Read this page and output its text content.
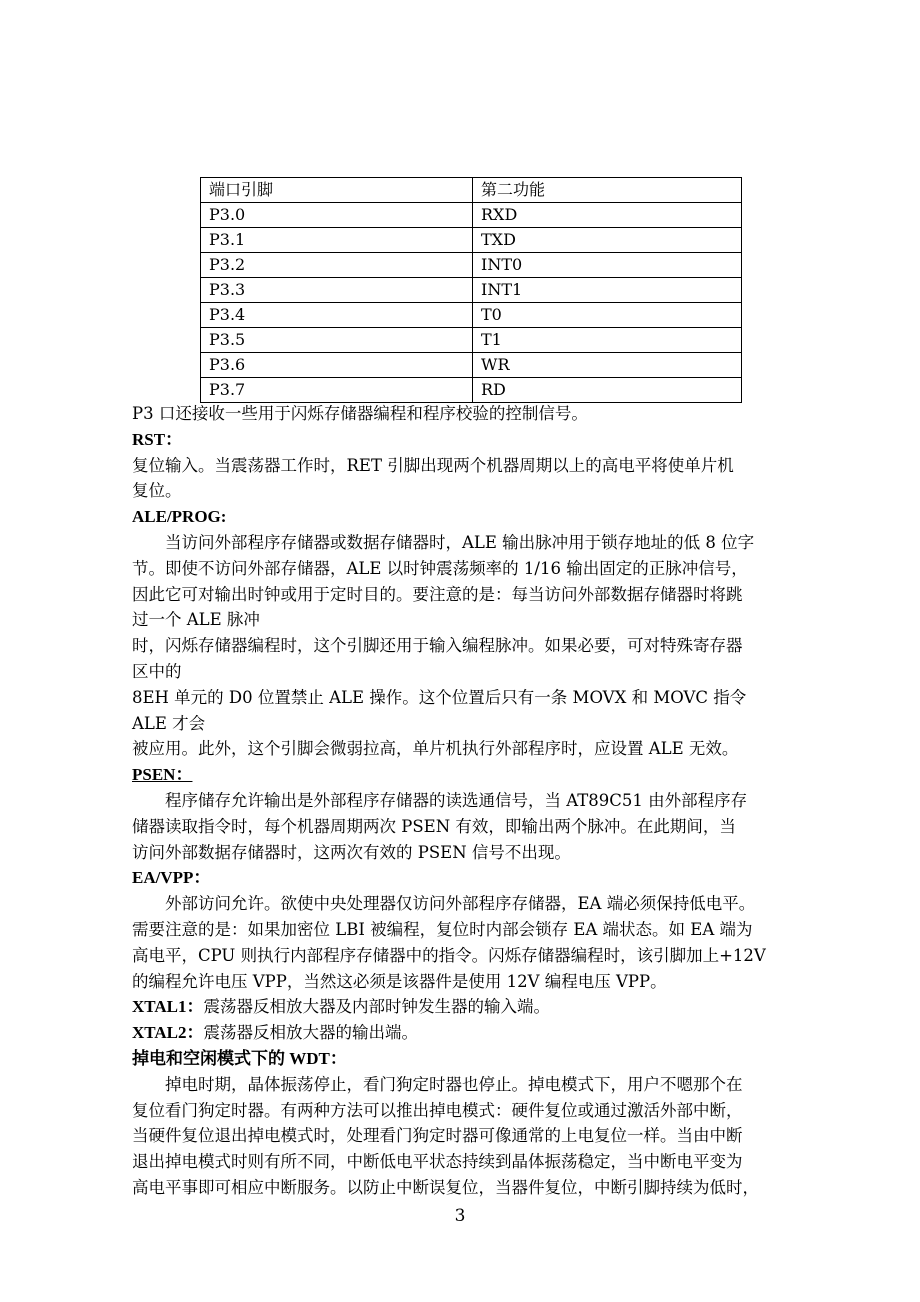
端口引脚	第二功能
P3.0	RXD
P3.1	TXD
P3.2	INT0
P3.3	INT1
P3.4	T0
P3.5	T1
P3.6	WR
P3.7	RD

P3 口还接收一些用于闪烁存储器编程和程序校验的控制信号。

RST：

复位输入。当震荡器工作时，RET 引脚出现两个机器周期以上的高电平将使单片机

复位。

ALE/PROG:

当访问外部程序存储器或数据存储器时，ALE 输出脉冲用于锁存地址的低 8 位字

节。即使不访问外部存储器，ALE 以时钟震荡频率的 1/16 输出固定的正脉冲信号，

因此它可对输出时钟或用于定时目的。要注意的是：每当访问外部数据存储器时将跳

过一个 ALE 脉冲

时，闪烁存储器编程时，这个引脚还用于输入编程脉冲。如果必要，可对特殊寄存器

区中的

8EH 单元的 D0 位置禁止 ALE 操作。这个位置后只有一条 MOVX 和 MOVC 指令

ALE 才会

被应用。此外，这个引脚会微弱拉高，单片机执行外部程序时，应设置 ALE 无效。

PSEN：

程序储存允许输出是外部程序存储器的读选通信号，当 AT89C51 由外部程序存

储器读取指令时，每个机器周期两次 PSEN 有效，即输出两个脉冲。在此期间，当

访问外部数据存储器时，这两次有效的 PSEN 信号不出现。

EA/VPP：

外部访问允许。欲使中央处理器仅访问外部程序存储器，EA 端必须保持低电平。

需要注意的是：如果加密位 LBI 被编程，复位时内部会锁存 EA 端状态。如 EA 端为

高电平，CPU 则执行内部程序存储器中的指令。闪烁存储器编程时，该引脚加上+12V

的编程允许电压 VPP，当然这必须是该器件是使用 12V 编程电压 VPP。

XTAL1：震荡器反相放大器及内部时钟发生器的输入端。

XTAL2：震荡器反相放大器的输出端。

掉电和空闲模式下的 WDT：

掉电时期，晶体振荡停止，看门狗定时器也停止。掉电模式下，用户不嗯那个在

复位看门狗定时器。有两种方法可以推出掉电模式：硬件复位或通过激活外部中断，

当硬件复位退出掉电模式时，处理看门狗定时器可像通常的上电复位一样。当由中断

退出掉电模式时则有所不同，中断低电平状态持续到晶体振荡稳定，当中断电平变为

高电平事即可相应中断服务。以防止中断误复位，当器件复位，中断引脚持续为低时，

3
